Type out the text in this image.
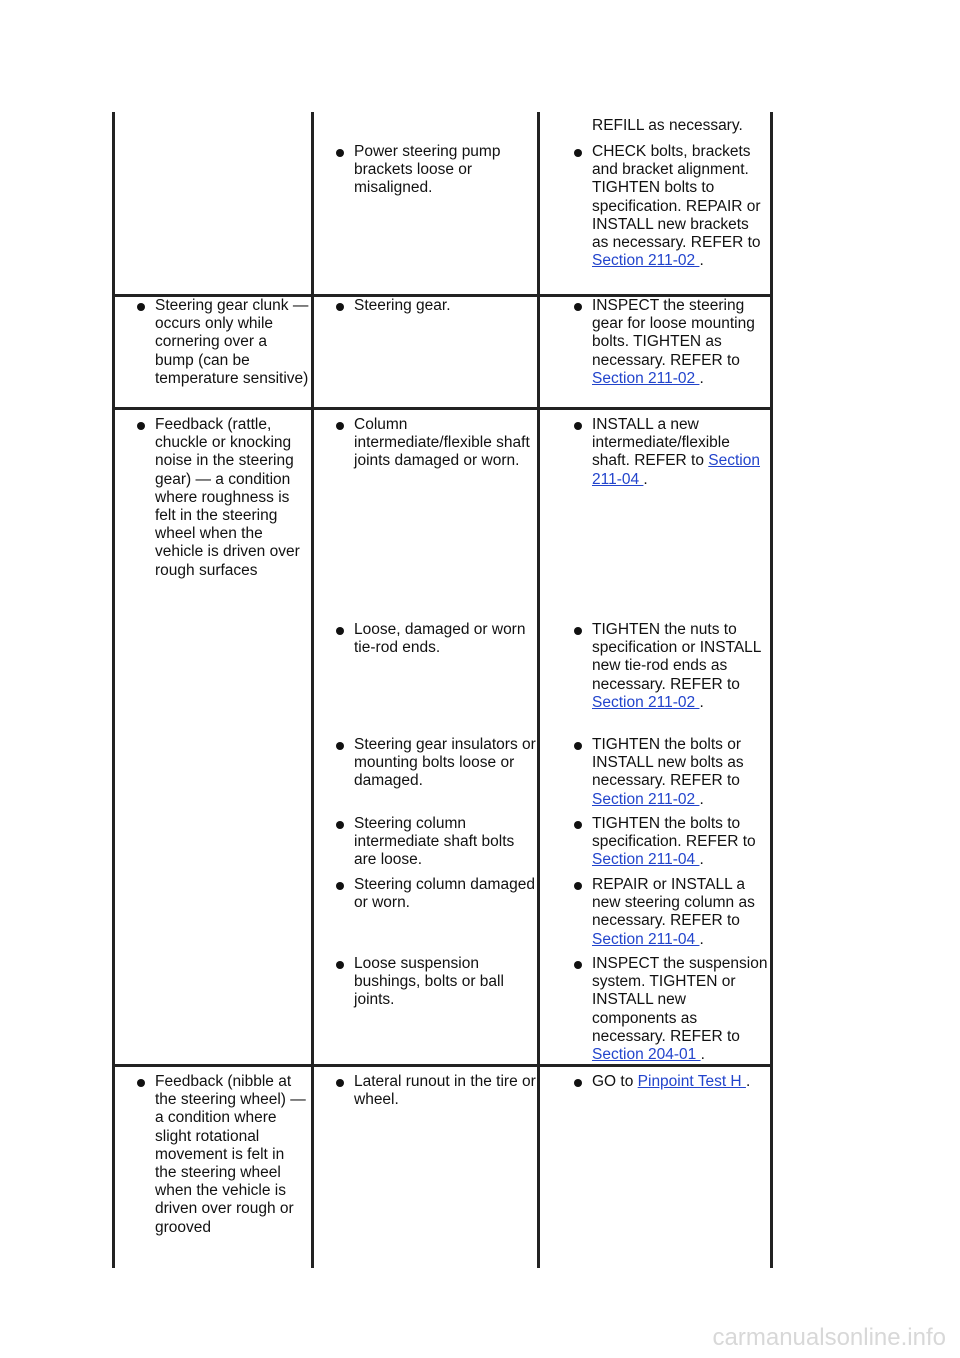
Power steering pump brackets loose or misaligned.
REFILL as necessary.
CHECK bolts, brackets and bracket alignment. TIGHTEN bolts to specification. REPAIR or INSTALL new brackets as necessary. REFER to Section 211-02 .
Steering gear clunk — occurs only while cornering over a bump (can be temperature sensitive)
Steering gear.	INSPECT the steering gear for loose mounting bolts. TIGHTEN as necessary. REFER to Section 211-02 .
Feedback (rattle, chuckle or knocking noise in the steering gear) — a condition where roughness is felt in the steering wheel when the vehicle is driven over rough surfaces
Column intermediate/flexible shaft joints damaged or worn.
INSTALL a new intermediate/flexible shaft. REFER to Section 211-04 .
Loose, damaged or worn tie-rod ends.
TIGHTEN the nuts to specification or INSTALL new tie-rod ends as necessary. REFER to Section 211-02 .
Steering gear insulators or mounting bolts loose or damaged.
TIGHTEN the bolts or INSTALL new bolts as necessary. REFER to Section 211-02 .
Steering column intermediate shaft bolts are loose.
TIGHTEN the bolts to specification. REFER to Section 211-04 .
Steering column damaged or worn.
REPAIR or INSTALL a new steering column as necessary. REFER to Section 211-04 .
Loose suspension bushings, bolts or ball joints.
INSPECT the suspension system. TIGHTEN or INSTALL new components as necessary. REFER to Section 204-01 .
Feedback (nibble at the steering wheel) — a condition where slight rotational movement is felt in the steering wheel when the vehicle is driven over rough or grooved
Lateral runout in the tire or wheel.
GO to Pinpoint Test H .
carmanualsonline.info
